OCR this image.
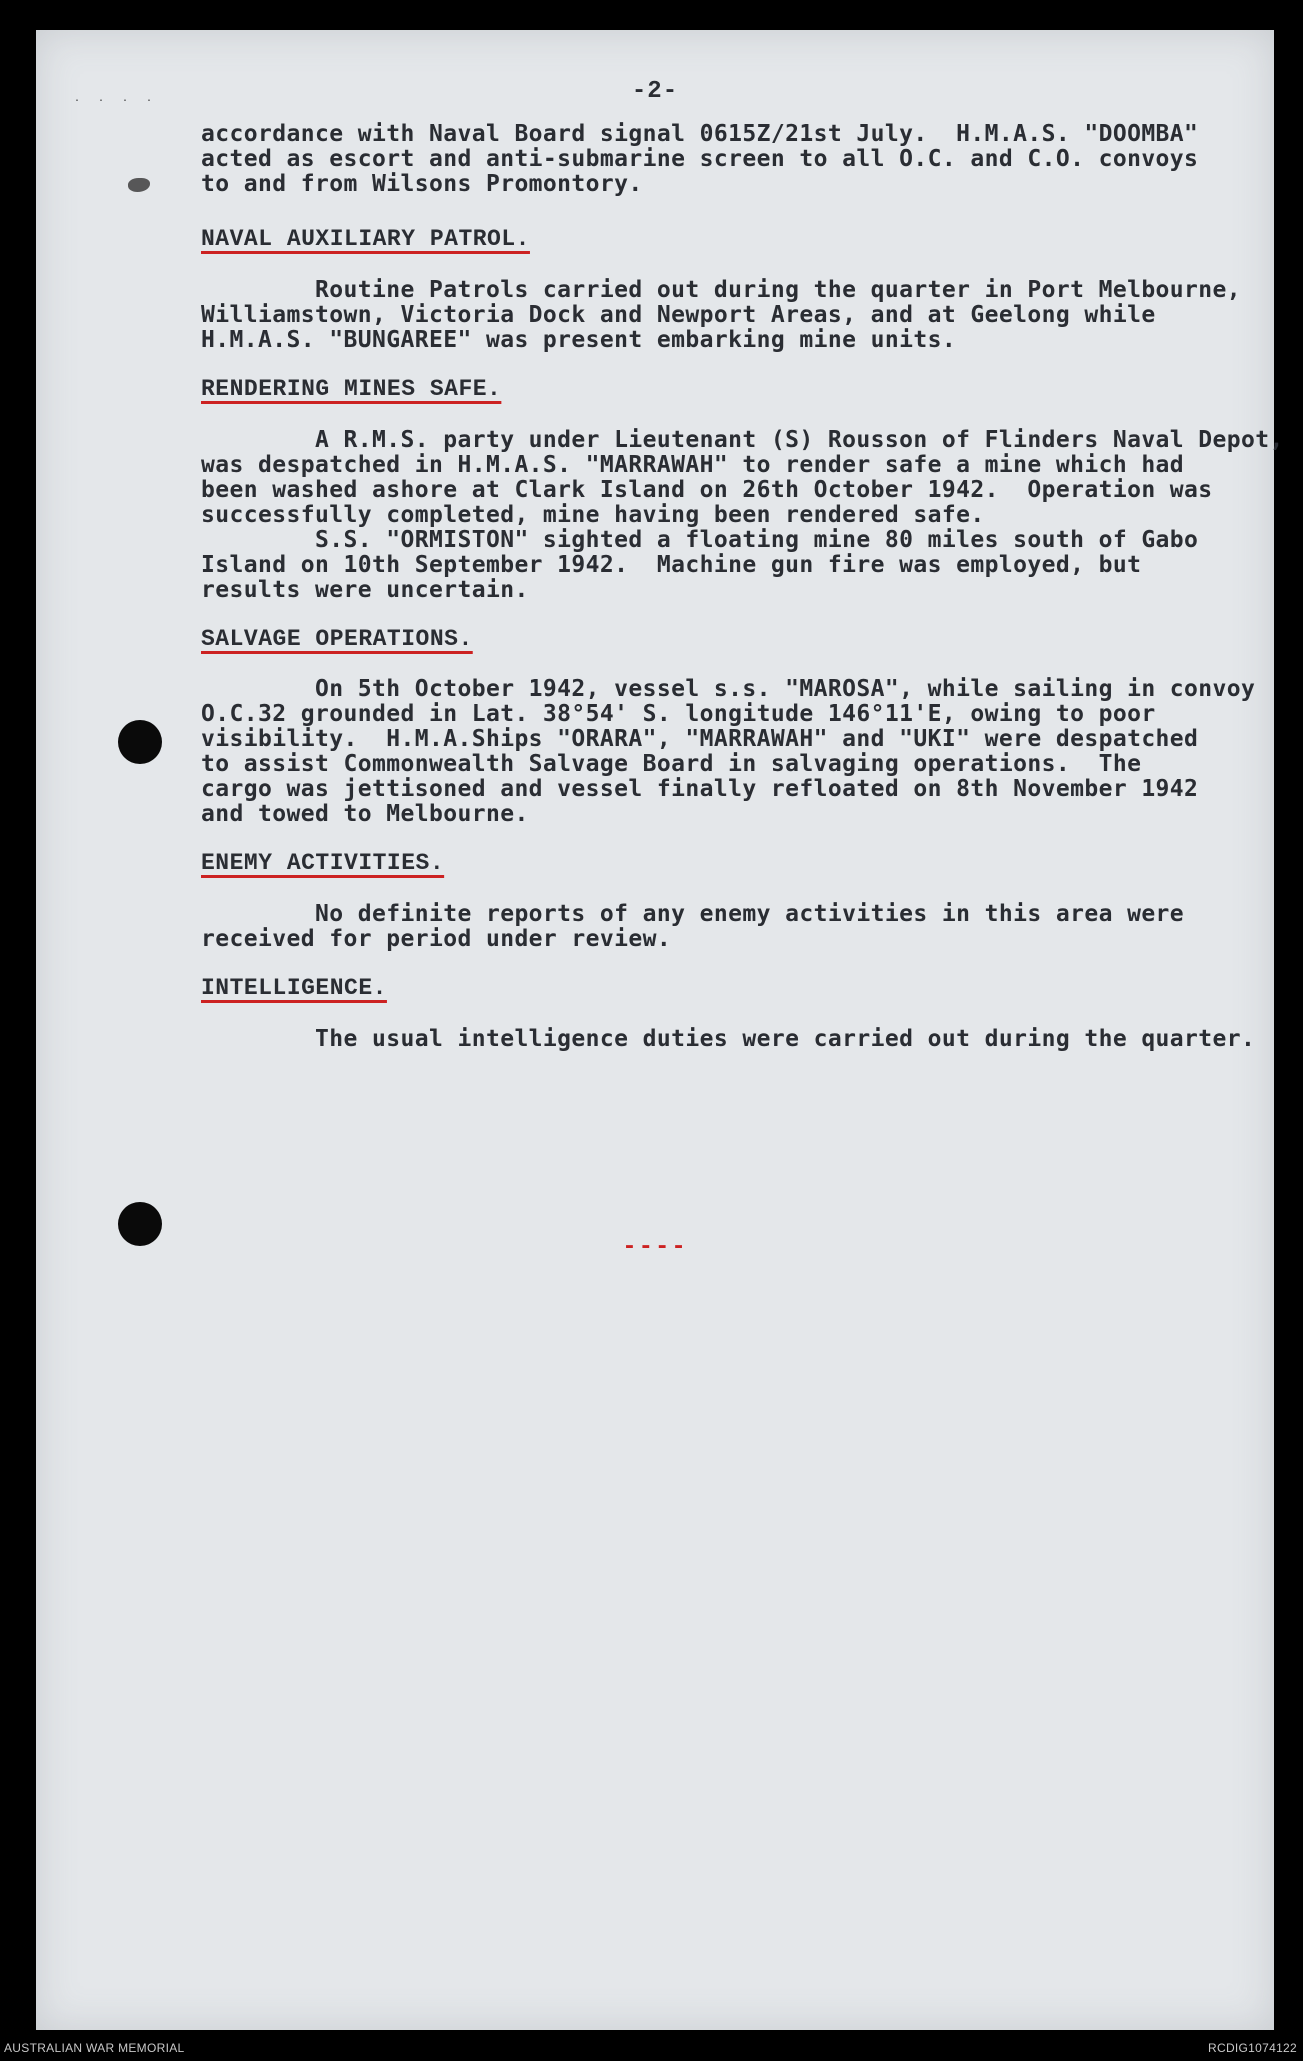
· · · ·	-2-
accordance with Naval Board signal 0615Z/21st July.  H.M.A.S. "DOOMBA"
acted as escort and anti-submarine screen to all O.C. and C.O. convoys
to and from Wilsons Promontory.
NAVAL AUXILIARY PATROL.
Routine Patrols carried out during the quarter in Port Melbourne,
Williamstown, Victoria Dock and Newport Areas, and at Geelong while
H.M.A.S. "BUNGAREE" was present embarking mine units.
RENDERING MINES SAFE.
A R.M.S. party under Lieutenant (S) Rousson of Flinders Naval Depot,
was despatched in H.M.A.S. "MARRAWAH" to render safe a mine which had
been washed ashore at Clark Island on 26th October 1942.  Operation was
successfully completed, mine having been rendered safe.
S.S. "ORMISTON" sighted a floating mine 80 miles south of Gabo
Island on 10th September 1942.  Machine gun fire was employed, but
results were uncertain.
SALVAGE OPERATIONS.
On 5th October 1942, vessel s.s. "MAROSA", while sailing in convoy
O.C.32 grounded in Lat. 38°54' S. longitude 146°11'E, owing to poor
visibility.  H.M.A.Ships "ORARA", "MARRAWAH" and "UKI" were despatched
to assist Commonwealth Salvage Board in salvaging operations.  The
cargo was jettisoned and vessel finally refloated on 8th November 1942
and towed to Melbourne.
ENEMY ACTIVITIES.
No definite reports of any enemy activities in this area were
received for period under review.
INTELLIGENCE.
The usual intelligence duties were carried out during the quarter.
----
AUSTRALIAN WAR MEMORIAL	RCDIG1074122
